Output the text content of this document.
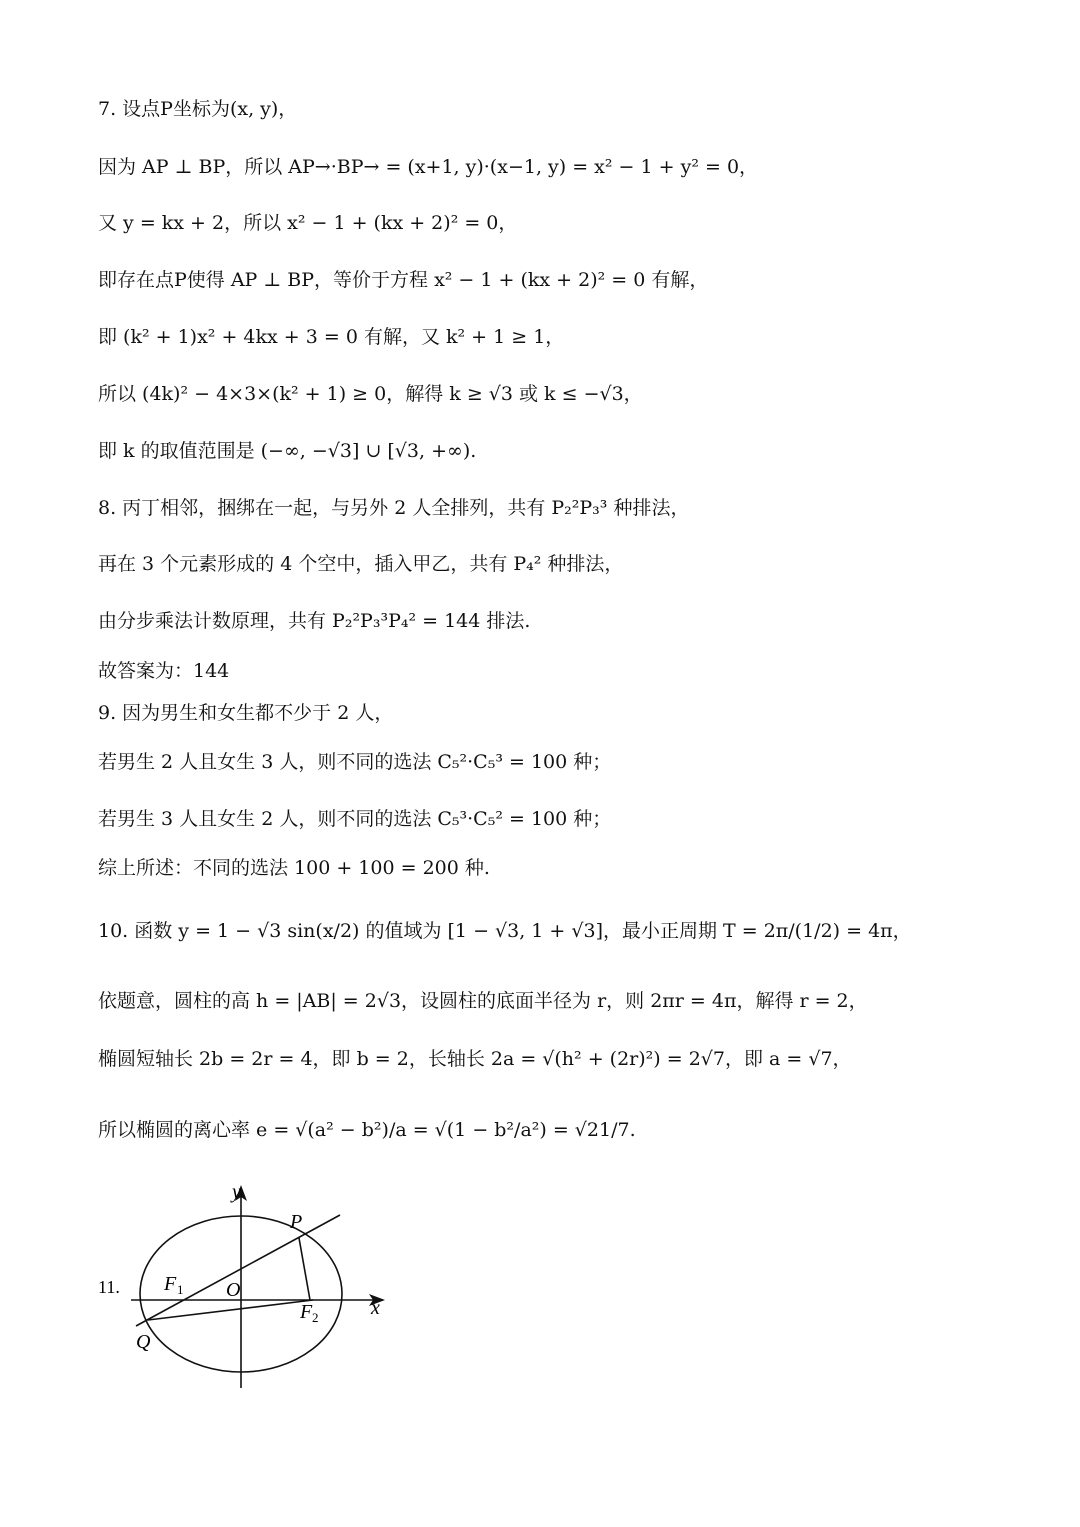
7. 设点P坐标为(x, y)，
因为 AP ⊥ BP，所以 AP→·BP→ = (x+1, y)·(x−1, y) = x² − 1 + y² = 0，
又 y = kx + 2，所以 x² − 1 + (kx + 2)² = 0，
即存在点P使得 AP ⊥ BP，等价于方程 x² − 1 + (kx + 2)² = 0 有解，
即 (k² + 1)x² + 4kx + 3 = 0 有解，又 k² + 1 ≥ 1，
所以 (4k)² − 4×3×(k² + 1) ≥ 0，解得 k ≥ √3 或 k ≤ −√3，
即 k 的取值范围是 (−∞, −√3] ∪ [√3, +∞).
8. 丙丁相邻，捆绑在一起，与另外 2 人全排列，共有 P₂²P₃³ 种排法，
再在 3 个元素形成的 4 个空中，插入甲乙，共有 P₄² 种排法，
由分步乘法计数原理，共有 P₂²P₃³P₄² = 144 排法.
故答案为：144
9. 因为男生和女生都不少于 2 人，
若男生 2 人且女生 3 人，则不同的选法 C₅²·C₅³ = 100 种；
若男生 3 人且女生 2 人，则不同的选法 C₅³·C₅² = 100 种；
综上所述：不同的选法 100 + 100 = 200 种.
10. 函数 y = 1 − √3 sin(x/2) 的值域为 [1 − √3, 1 + √3]，最小正周期 T = 2π/(1/2) = 4π，
依题意，圆柱的高 h = |AB| = 2√3，设圆柱的底面半径为 r，则 2πr = 4π，解得 r = 2，
椭圆短轴长 2b = 2r = 4，即 b = 2，长轴长 2a = √(h² + (2r)²) = 2√7，即 a = √7，
所以椭圆的离心率 e = √(a² − b²)/a = √(1 − b²/a²) = √21/7.
11.
y
x
P
F 1 O
F 2
Q
